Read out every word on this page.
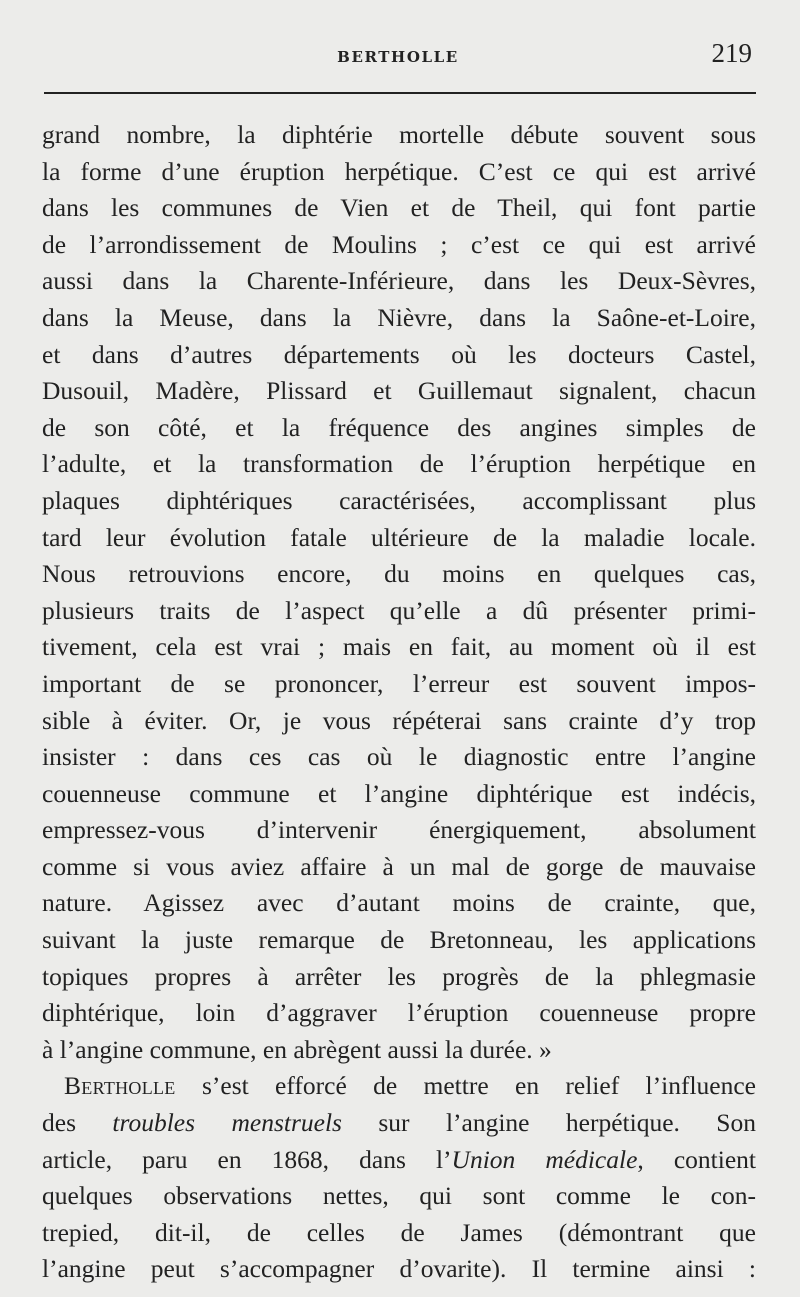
BERTHOLLE	219
grand nombre, la diphtérie mortelle débute souvent sous
la forme d’une éruption herpétique. C’est ce qui est arrivé
dans les communes de Vien et de Theil, qui font partie
de l’arrondissement de Moulins ; c’est ce qui est arrivé
aussi dans la Charente-Inférieure, dans les Deux-Sèvres,
dans la Meuse, dans la Nièvre, dans la Saône-et-Loire,
et dans d’autres départements où les docteurs Castel,
Dusouil, Madère, Plissard et Guillemaut signalent, chacun
de son côté, et la fréquence des angines simples de
l’adulte, et la transformation de l’éruption herpétique en
plaques diphtériques caractérisées, accomplissant plus
tard leur évolution fatale ultérieure de la maladie locale.
Nous retrouvions encore, du moins en quelques cas,
plusieurs traits de l’aspect qu’elle a dû présenter primi-
tivement, cela est vrai ; mais en fait, au moment où il est
important de se prononcer, l’erreur est souvent impos-
sible à éviter. Or, je vous répéterai sans crainte d’y trop
insister : dans ces cas où le diagnostic entre l’angine
couenneuse commune et l’angine diphtérique est indécis,
empressez-vous d’intervenir énergiquement, absolument
comme si vous aviez affaire à un mal de gorge de mauvaise
nature. Agissez avec d’autant moins de crainte, que,
suivant la juste remarque de Bretonneau, les applications
topiques propres à arrêter les progrès de la phlegmasie
diphtérique, loin d’aggraver l’éruption couenneuse propre
à l’angine commune, en abrègent aussi la durée. »
Bertholle s’est efforcé de mettre en relief l’influence
des troubles menstruels sur l’angine herpétique. Son
article, paru en 1868, dans l’Union médicale, contient
quelques observations nettes, qui sont comme le con-
trepied, dit-il, de celles de James (démontrant que
l’angine peut s’accompagner d’ovarite). Il termine ainsi :
